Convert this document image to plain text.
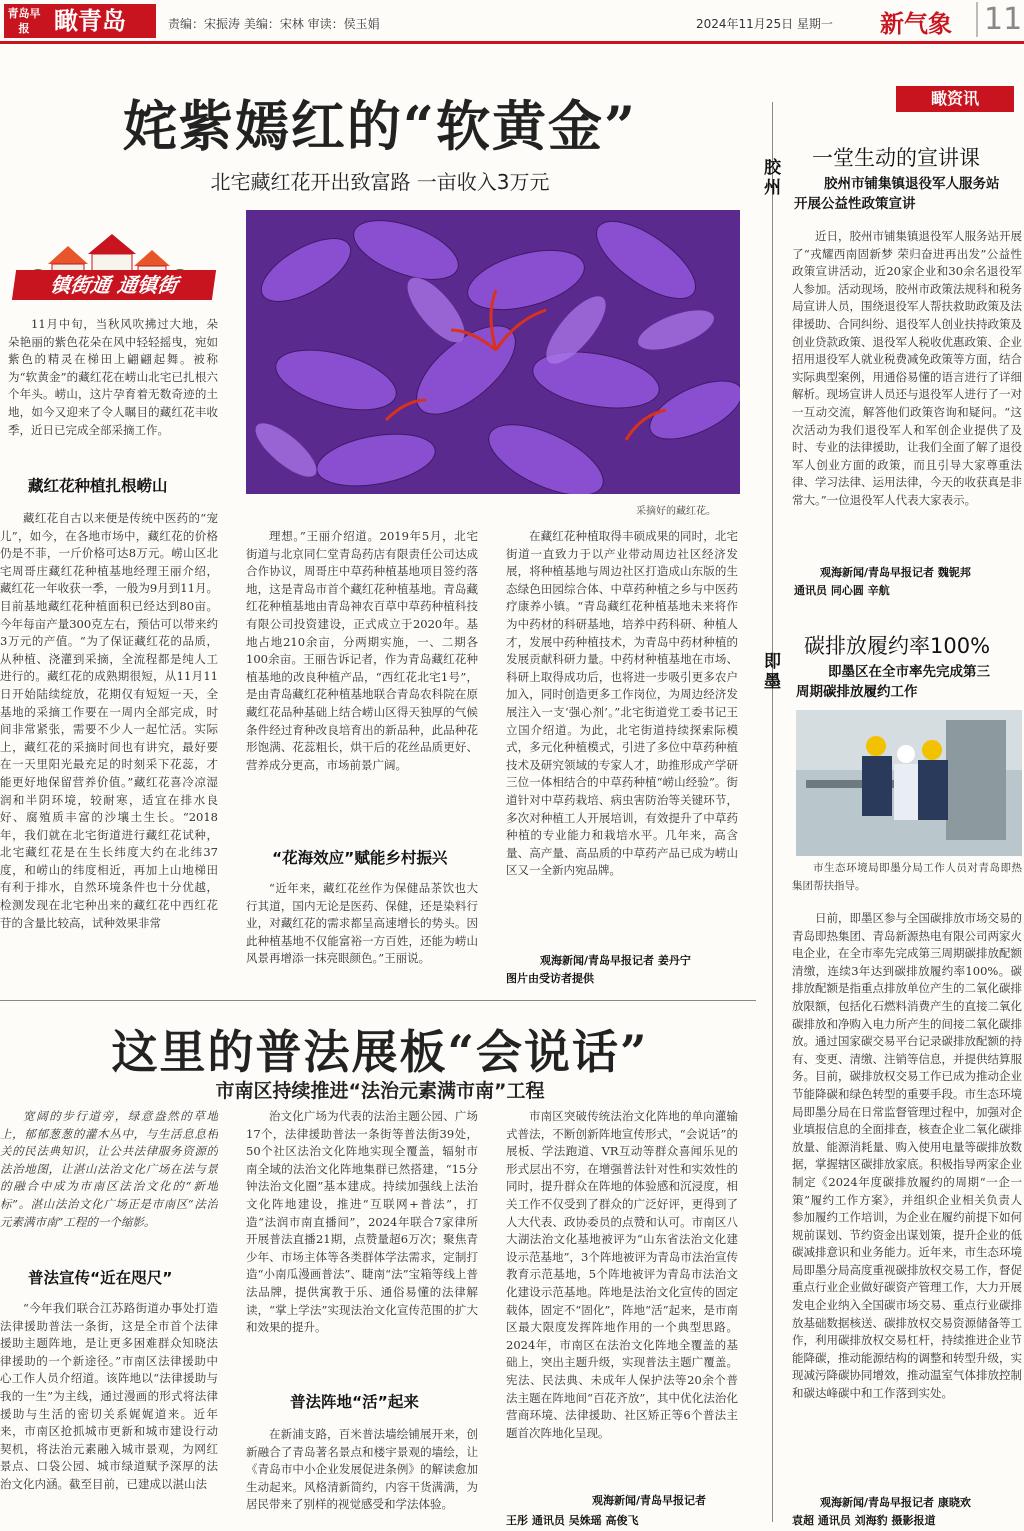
青岛早报	瞰青岛	责编：宋振涛 美编：宋林 审读：侯玉娟	2024年11月25日 星期一 新气象 11
姹紫嫣红的“软黄金”
北宅藏红花开出致富路 一亩收入3万元
镇街通 通镇街
11月中旬，当秋风吹拂过大地，朵朵艳丽的紫色花朵在风中轻轻摇曳，宛如紫色的精灵在梯田上翩翩起舞。被称为“软黄金”的藏红花在崂山北宅已扎根六个年头。崂山，这片孕育着无数奇迹的土地，如今又迎来了令人瞩目的藏红花丰收季，近日已完成全部采摘工作。
藏红花种植扎根崂山
藏红花自古以来便是传统中医药的“宠儿”，如今，在各地市场中，藏红花的价格仍是不菲，一斤价格可达8万元。崂山区北宅周哥庄藏红花种植基地经理王丽介绍，藏红花一年收获一季，一般为9月到11月。目前基地藏红花种植面积已经达到80亩。今年每亩产量300克左右，预估可以带来约3万元的产值。“为了保证藏红花的品质，从种植、浇灌到采摘，全流程都是纯人工进行的。藏红花的成熟期很短，从11月11日开始陆续绽放，花期仅有短短一天，全基地的采摘工作要在一周内全部完成，时间非常紧张，需要不少人一起忙活。实际上，藏红花的采摘时间也有讲究，最好要在一天里阳光最充足的时刻采下花蕊，才能更好地保留营养价值。”藏红花喜冷凉湿润和半阴环境，较耐寒，适宜在排水良好、腐殖质丰富的沙壤土生长。“2018年，我们就在北宅街道进行藏红花试种，北宅藏红花是在生长纬度大约在北纬37度，和崂山的纬度相近，再加上山地梯田有利于排水，自然环境条件也十分优越，检测发现在北宅种出来的藏红花中西红花苷的含量比较高，试种效果非常
采摘好的藏红花。
理想。”王丽介绍道。2019年5月，北宅街道与北京同仁堂青岛药店有限责任公司达成合作协议，周哥庄中草药种植基地项目签约落地，这是青岛市首个藏红花种植基地。青岛藏红花种植基地由青岛神农百草中草药种植科技有限公司投资建设，正式成立于2020年。基地占地210余亩，分两期实施，一、二期各100余亩。王丽告诉记者，作为青岛藏红花种植基地的改良种植产品，“西红花北宅1号”，是由青岛藏红花种植基地联合青岛农科院在原藏红花品种基础上结合崂山区得天独厚的气候条件经过育种改良培育出的新品种，此品种花形饱满、花蕊粗长，烘干后的花丝品质更好、营养成分更高，市场前景广阔。
“花海效应”赋能乡村振兴
“近年来，藏红花丝作为保健品茶饮也大行其道，国内无论是医药、保健，还是染料行业，对藏红花的需求都呈高速增长的势头。因此种植基地不仅能富裕一方百姓，还能为崂山风景再增添一抹亮眼颜色。”王丽说。
在藏红花种植取得丰硕成果的同时，北宅街道一直致力于以产业带动周边社区经济发展，将种植基地与周边社区打造成山东版的生态绿色田园综合体、中草药种植之乡与中医药疗康养小镇。“青岛藏红花种植基地未来将作为中药材的科研基地，培养中药科研、种植人才，发展中药种植技术，为青岛中药材种植的发展贡献科研力量。中药材种植基地在市场、科研上取得成功后，也将进一步吸引更多农户加入，同时创造更多工作岗位，为周边经济发展注入一支‘强心剂’。”北宅街道党工委书记王立国介绍道。为此，北宅街道持续探索际模式，多元化种植模式，引进了多位中草药种植技术及研究领域的专家人才，助推形成产学研三位一体相结合的中草药种植“崂山经验”。街道针对中草药栽培、病虫害防治等关键环节，多次对种植工人开展培训，有效提升了中草药种植的专业能力和栽培水平。几年来，高含量、高产量、高品质的中草药产品已成为崂山区又一全新内宛品牌。
观海新闻/青岛早报记者 姜丹宁
图片由受访者提供
这里的普法展板“会说话”
市南区持续推进“法治元素满市南”工程
宽阔的步行道旁，绿意盎然的草地上，郁郁葱葱的灌木丛中，与生活息息相关的民法典知识，让公共法律服务资源的法治地图，让湛山法治文化广场在法与景的融合中成为市南区法治文化的“新地标”。湛山法治文化广场正是市南区“法治元素满市南”工程的一个缩影。
普法宣传“近在咫尺”
“今年我们联合江苏路街道办事处打造法律援助普法一条街，这是全市首个法律援助主题阵地，是让更多困难群众知晓法律援助的一个新途径。”市南区法律援助中心工作人员介绍道。该阵地以“法律援助与我的一生”为主线，通过漫画的形式将法律援助与生活的密切关系娓娓道来。近年来，市南区抢抓城市更新和城市建设行动契机，将法治元素融入城市景观，为网红景点、口袋公园、城市绿道赋予深厚的法治文化内涵。截至目前，已建成以湛山法
治文化广场为代表的法治主题公园、广场17个，法律援助普法一条街等普法街39处，50个社区法治文化阵地实现全覆盖，辐射市南全域的法治文化阵地集群已然搭建，“15分钟法治文化圈”基本建成。持续加强线上法治文化阵地建设，推进“互联网+普法”，打造“法润市南直播间”，2024年联合7家律所开展普法直播21期，点赞量超6万次；聚焦青少年、市场主体等各类群体学法需求，定制打造“小南瓜漫画普法”、睫南“法”宝箱等线上普法品牌，提供寓教于乐、通俗易懂的法律解读，“掌上学法”实现法治文化宣传范围的扩大和效果的提升。
普法阵地“活”起来
在新浦支路，百米普法墙绘铺展开来，创新融合了青岛著名景点和楼宇景观的墙绘，让《青岛市中小企业发展促进条例》的解读愈加生动起来。风格清新简约，内容干货满满，为居民带来了别样的视觉感受和学法体验。
市南区突破传统法治文化阵地的单向灌输式普法，不断创新阵地宣传形式，“会说话”的展板、学法跑道、VR互动等群众喜闻乐见的形式层出不穷，在增强普法针对性和实效性的同时，提升群众在阵地的体验感和沉浸度，相关工作不仅受到了群众的广泛好评，更得到了人大代表、政协委员的点赞和认可。市南区八大湖法治文化基地被评为“山东省法治文化建设示范基地”，3个阵地被评为青岛市法治宣传教育示范基地，5个阵地被评为青岛市法治文化建设示范基地。阵地是法治文化宣传的固定载体，固定不“固化”，阵地“活”起来，是市南区最大限度发挥阵地作用的一个典型思路。2024年，市南区在法治文化阵地全覆盖的基础上，突出主题升级，实现普法主题广覆盖。宪法、民法典、未成年人保护法等20余个普法主题在阵地间“百花齐放”，其中优化法治化营商环境、法律援助、社区矫正等6个普法主题首次阵地化呈现。
观海新闻/青岛早报记者
王彤 通讯员 吴姝瑶 高俊飞
瞰资讯
胶州
一堂生动的宣讲课
胶州市铺集镇退役军人服务站
开展公益性政策宣讲
近日，胶州市铺集镇退役军人服务站开展了“戎耀西南固新梦 荣归奋进再出发”公益性政策宣讲活动，近20家企业和30余名退役军人参加。活动现场，胶州市政策法规科和税务局宣讲人员，围绕退役军人帮扶救助政策及法律援助、合同纠纷、退役军人创业扶持政策及创业贷款政策、退役军人税收优惠政策、企业招用退役军人就业税费减免政策等方面，结合实际典型案例，用通俗易懂的语言进行了详细解析。现场宣讲人员还与退役军人进行了一对一互动交流，解答他们政策咨询和疑问。“这次活动为我们退役军人和军创企业提供了及时、专业的法律援助，让我们全面了解了退役军人创业方面的政策，而且引导大家尊重法律、学习法律、运用法律，今天的收获真是非常大。”一位退役军人代表大家表示。
观海新闻/青岛早报记者 魏铌邦
通讯员 同心圆 辛航
即墨
碳排放履约率100%
即墨区在全市率先完成第三
周期碳排放履约工作
市生态环境局即墨分局工作人员对青岛即热集团帮扶指导。
日前，即墨区参与全国碳排放市场交易的青岛即热集团、青岛新源热电有限公司两家火电企业，在全市率先完成第三周期碳排放配额清缴，连续3年达到碳排放履约率100%。碳排放配额是指重点排放单位产生的二氧化碳排放限额，包括化石燃料消费产生的直接二氧化碳排放和净购入电力所产生的间接二氧化碳排放。通过国家碳交易平台记录碳排放配额的持有、变更、清缴、注销等信息，并提供结算服务。目前，碳排放权交易工作已成为推动企业节能降碳和绿色转型的重要手段。市生态环境局即墨分局在日常监督管理过程中，加强对企业填报信息的全面排查，核查企业二氧化碳排放量、能源消耗量、购入使用电量等碳排放数据，掌握辖区碳排放家底。积极指导两家企业制定《2024年度碳排放履约的周期“一企一策”履约工作方案》，并组织企业相关负责人参加履约工作培训，为企业在履约前提下如何规前谋划、节约资金出谋划策，提升企业的低碳减排意识和业务能力。近年来，市生态环境局即墨分局高度重视碳排放权交易工作，督促重点行业企业做好碳资产管理工作，大力开展发电企业纳入全国碳市场交易、重点行业碳排放基础数据核送、碳排放权交易资源储备等工作，利用碳排放权交易杠杆，持续推进企业节能降碳，推动能源结构的调整和转型升级，实现减污降碳协同增效，推动温室气体排放控制和碳达峰碳中和工作落到实处。
观海新闻/青岛早报记者 康晓欢
袁超 通讯员 刘海豹 摄影报道
